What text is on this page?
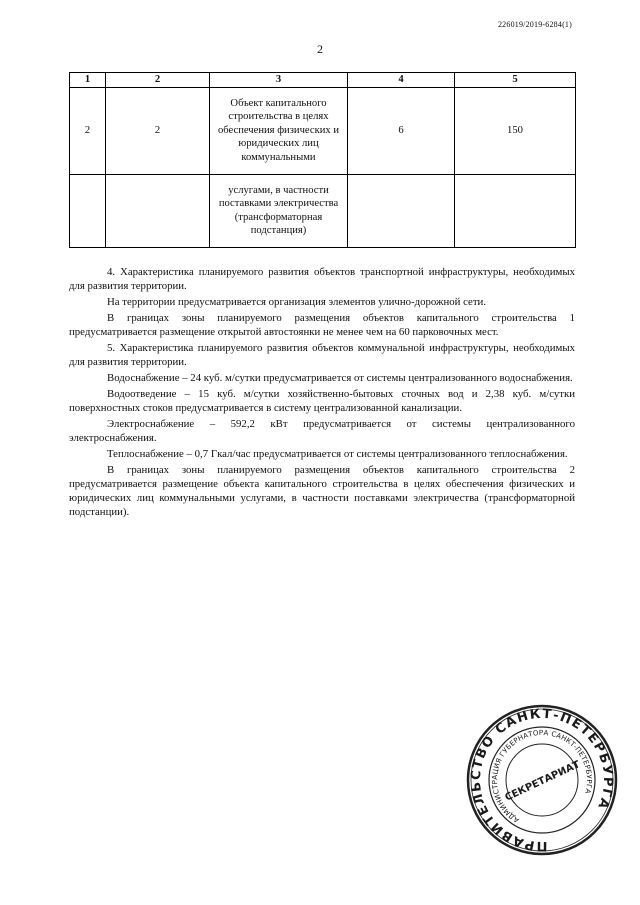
226019/2019-6284(1)
2
1	2	3	4	5
2	2	Объект капитального строительства в целях обеспечения физических и юридических лиц коммунальными	6	150
		услугами, в частности поставками электричества (трансформаторная подстанция)		

4. Характеристика планируемого развития объектов транспортной инфраструктуры, необходимых для развития территории.

На территории предусматривается организация элементов улично-дорожной сети.

В границах зоны планируемого размещения объектов капитального строительства 1 предусматривается размещение открытой автостоянки не менее чем на 60 парковочных мест.

5. Характеристика планируемого развития объектов коммунальной инфраструктуры, необходимых для развития территории.

Водоснабжение – 24 куб. м/сутки предусматривается от системы централизованного водоснабжения.

Водоотведение – 15 куб. м/сутки хозяйственно-бытовых сточных вод и 2,38 куб. м/сутки поверхностных стоков предусматривается в систему централизованной канализации.

Электроснабжение – 592,2 кВт предусматривается от системы централизованного электроснабжения.

Теплоснабжение – 0,7 Гкал/час предусматривается от системы централизованного теплоснабжения.

В границах зоны планируемого размещения объектов капитального строительства 2 предусматривается размещение объекта капитального строительства в целях обеспечения физических и юридических лиц коммунальными услугами, в частности поставками электричества (трансформаторной подстанции).

ПРАВИТЕЛЬСТВО САНКТ-ПЕТЕРБУРГА
АДМИНИСТРАЦИЯ ГУБЕРНАТОРА САНКТ-ПЕТЕРБУРГА
СЕКРЕТАРИАТ
